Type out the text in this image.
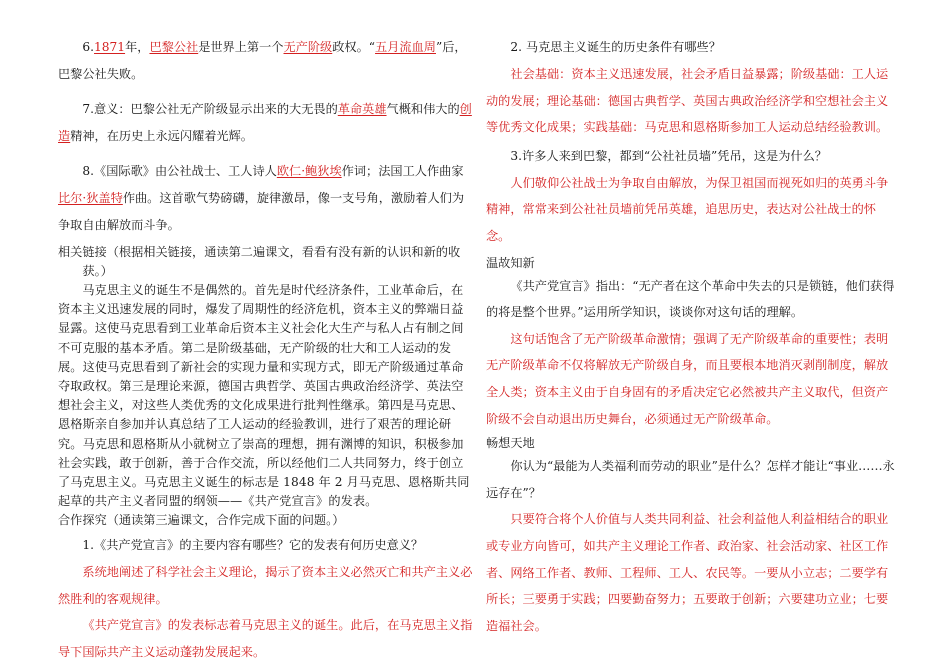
6.1871年，巴黎公社是世界上第一个无产阶级政权。“五月流血周”后，巴黎公社失败。

7.意义：巴黎公社无产阶级显示出来的大无畏的革命英雄气概和伟大的创造精神，在历史上永远闪耀着光辉。

8.《国际歌》由公社战士、工人诗人欧仁·鲍狄埃作词；法国工人作曲家比尔·狄盖特作曲。这首歌气势磅礴，旋律激昂，像一支号角，激励着人们为争取自由解放而斗争。

相关链接（根据相关链接，通读第二遍课文，看看有没有新的认识和新的收

获。）

马克思主义的诞生不是偶然的。首先是时代经济条件，工业革命后，在资本主义迅速发展的同时，爆发了周期性的经济危机，资本主义的弊端日益显露。这使马克思看到工业革命后资本主义社会化大生产与私人占有制之间不可克服的基本矛盾。第二是阶级基础，无产阶级的壮大和工人运动的发展。这使马克思看到了新社会的实现力量和实现方式，即无产阶级通过革命夺取政权。第三是理论来源，德国古典哲学、英国古典政治经济学、英法空想社会主义，对这些人类优秀的文化成果进行批判性继承。第四是马克思、恩格斯亲自参加并认真总结了工人运动的经验教训，进行了艰苦的理论研究。马克思和恩格斯从小就树立了崇高的理想，拥有渊博的知识，积极参加社会实践，敢于创新，善于合作交流，所以经他们二人共同努力，终于创立了马克思主义。马克思主义诞生的标志是 1848 年 2 月马克思、恩格斯共同起草的共产主义者同盟的纲领——《共产党宣言》的发表。

合作探究（通读第三遍课文，合作完成下面的问题。）

1.《共产党宣言》的主要内容有哪些？它的发表有何历史意义？

系统地阐述了科学社会主义理论，揭示了资本主义必然灭亡和共产主义必然胜利的客观规律。

《共产党宣言》的发表标志着马克思主义的诞生。此后，在马克思主义指导下国际共产主义运动蓬勃发展起来。

2. 马克思主义诞生的历史条件有哪些？

社会基础：资本主义迅速发展，社会矛盾日益暴露；阶级基础：工人运动的发展；理论基础：德国古典哲学、英国古典政治经济学和空想社会主义等优秀文化成果；实践基础：马克思和恩格斯参加工人运动总结经验教训。

3.许多人来到巴黎，都到“公社社员墙”凭吊，这是为什么？

人们敬仰公社战士为争取自由解放，为保卫祖国而视死如归的英勇斗争精神，常常来到公社社员墙前凭吊英雄，追思历史，表达对公社战士的怀念。

温故知新

《共产党宣言》指出：“无产者在这个革命中失去的只是锁链，他们获得的将是整个世界。”运用所学知识，谈谈你对这句话的理解。

这句话饱含了无产阶级革命激情；强调了无产阶级革命的重要性；表明无产阶级革命不仅将解放无产阶级自身，而且要根本地消灭剥削制度，解放全人类；资本主义由于自身固有的矛盾决定它必然被共产主义取代，但资产阶级不会自动退出历史舞台，必须通过无产阶级革命。

畅想天地

你认为“最能为人类福利而劳动的职业”是什么？怎样才能让“事业……永远存在”？

只要符合将个人价值与人类共同利益、社会利益他人利益相结合的职业或专业方向皆可，如共产主义理论工作者、政治家、社会活动家、社区工作者、网络工作者、教师、工程师、工人、农民等。一要从小立志；二要学有所长；三要勇于实践；四要勤奋努力；五要敢于创新；六要建功立业；七要造福社会。
